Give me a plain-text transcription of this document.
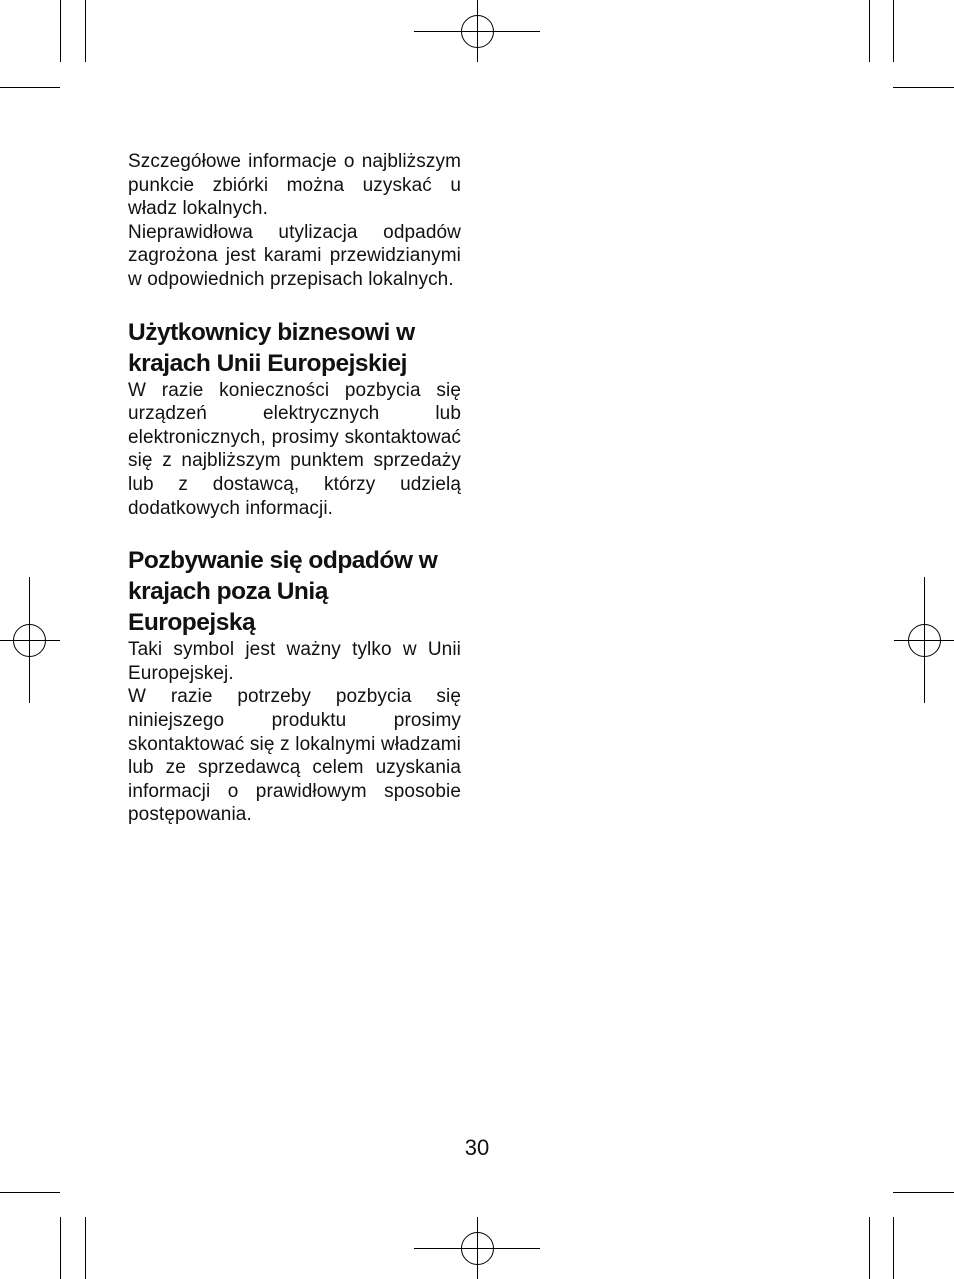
Szczegółowe informacje o najbliższym punkcie zbiórki można uzyskać u władz lokalnych.

Nieprawidłowa utylizacja odpadów zagrożona jest karami przewidzianymi w odpowiednich przepisach lokalnych.

Użytkownicy biznesowi w krajach Unii Europejskiej

W razie konieczności pozbycia się urządzeń elektrycznych lub elektronicznych, prosimy skontaktować się z najbliższym punktem sprzedaży lub z dostawcą, którzy udzielą dodatkowych informacji.

Pozbywanie się odpadów w krajach poza Unią Europejską

Taki symbol jest ważny tylko w Unii Europejskej.

W razie potrzeby pozbycia się niniejszego produktu prosimy skontaktować się z lokalnymi władzami lub ze sprzedawcą celem uzyskania informacji o prawidłowym sposobie postępowania.

30
